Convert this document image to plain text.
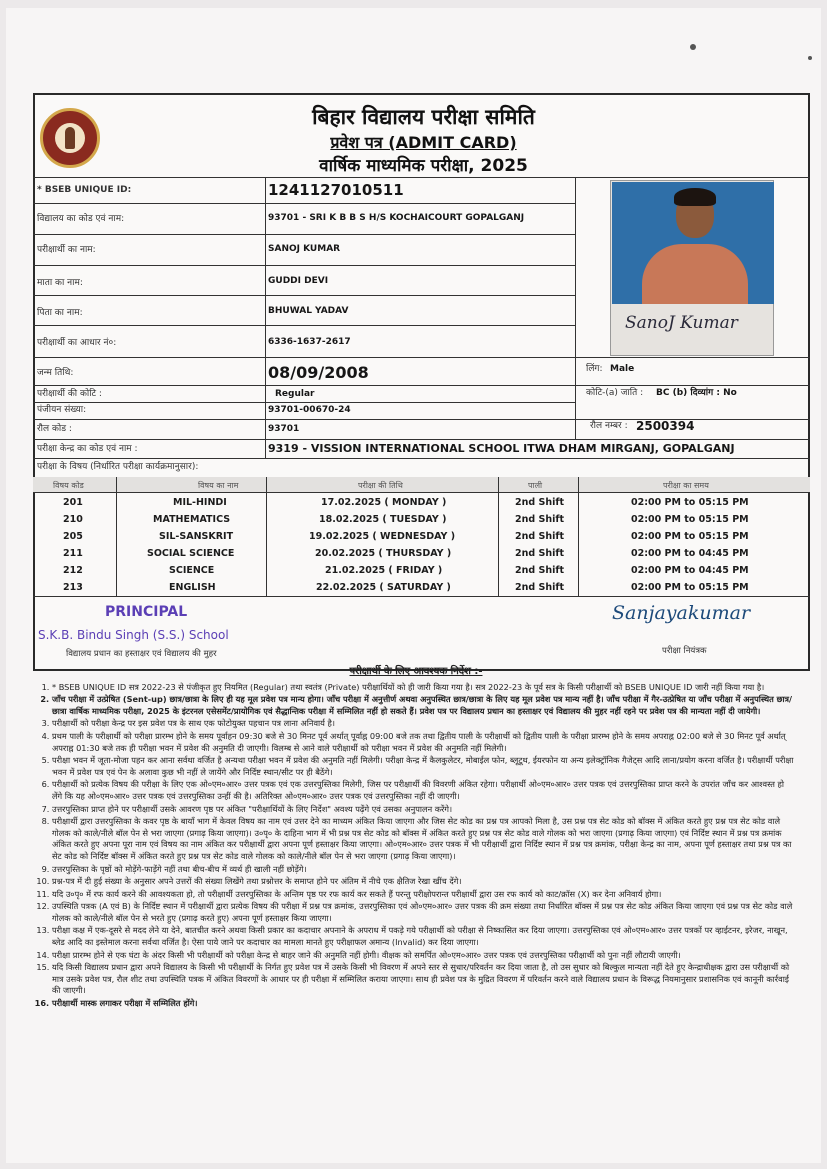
बिहार विद्यालय परीक्षा समिति
प्रवेश पत्र (ADMIT CARD)
वार्षिक माध्यमिक परीक्षा, 2025
* BSEB UNIQUE ID:	1241127010511
विद्यालय का कोड एवं नाम:	93701 - SRI K B B S H/S KOCHAICOURT GOPALGANJ
परीक्षार्थी का नाम:	SANOJ KUMAR
माता का नाम:	GUDDI DEVI
पिता का नाम:	BHUWAL YADAV
परीक्षार्थी का आधार नं०:	6336-1637-2617
जन्म तिथि:	08/09/2008	लिंग: Male
परीक्षार्थी की कोटि :	Regular	कोटि-(a) जाति : BC (b) दिव्यांग : No
पंजीयन संख्या:	93701-00670-24
रौल कोड :	93701	रौल नम्बर : 2500394
परीक्षा केन्द्र का कोड एवं नाम :	9319 - VISSION INTERNATIONAL SCHOOL ITWA DHAM MIRGANJ, GOPALGANJ
परीक्षा के विषय (निर्धारित परीक्षा कार्यक्रमानुसार):
SanoJ Kumar
विषय कोड	विषय का नाम	परीक्षा की तिथि	पाली	परीक्षा का समय
201	MIL-HINDI	17.02.2025 ( MONDAY )	2nd Shift	02:00 PM to 05:15 PM
210	MATHEMATICS	18.02.2025 ( TUESDAY )	2nd Shift	02:00 PM to 05:15 PM
205	SIL-SANSKRIT	19.02.2025 ( WEDNESDAY )	2nd Shift	02:00 PM to 05:15 PM
211	SOCIAL SCIENCE	20.02.2025 ( THURSDAY )	2nd Shift	02:00 PM to 04:45 PM
212	SCIENCE	21.02.2025 ( FRIDAY )	2nd Shift	02:00 PM to 04:45 PM
213	ENGLISH	22.02.2025 ( SATURDAY )	2nd Shift	02:00 PM to 05:15 PM
PRINCIPAL
S.K.B. Bindu Singh (S.S.) School
विद्यालय प्रधान का हस्ताक्षर एवं विद्यालय की मुहर
Sanjayakumar
परीक्षा नियंत्रक
परीक्षार्थी के लिए आवश्यक निर्देश :-
1. * BSEB UNIQUE ID सत्र 2022-23 से पंजीकृत हुए नियमित (Regular) तथा स्वतंत्र (Private) परीक्षार्थियों को ही जारी किया गया है। सत्र 2022-23 के पूर्व सत्र के किसी परीक्षार्थी को BSEB UNIQUE ID जारी नहीं किया गया है।
2. जाँच परीक्षा में उत्प्रेषित (Sent-up) छात्र/छात्रा के लिए ही यह मूल प्रवेश पत्र मान्य होगा। जाँच परीक्षा में अनुत्तीर्ण अथवा अनुपस्थित छात्र/छात्रा के लिए यह मूल प्रवेश पत्र मान्य नहीं है। जाँच परीक्षा में गैर-उत्प्रेषित या जाँच परीक्षा में अनुपस्थित छात्र/छात्रा वार्षिक माध्यमिक परीक्षा, 2025 के इंटरनल एसेसमेंट/प्रायोगिक एवं सैद्धान्तिक परीक्षा में सम्मिलित नहीं हो सकते हैं। प्रवेश पत्र पर विद्यालय प्रधान का हस्ताक्षर एवं विद्यालय की मुहर नहीं रहने पर प्रवेश पत्र की मान्यता नहीं दी जायेगी।
3. परीक्षार्थी को परीक्षा केन्द्र पर इस प्रवेश पत्र के साथ एक फोटोयुक्त पहचान पत्र लाना अनिवार्य है।
4. प्रथम पाली के परीक्षार्थी को परीक्षा प्रारम्भ होने के समय पूर्वाहन 09:30 बजे से 30 मिनट पूर्व अर्थात् पूर्वाह्न 09:00 बजे तक तथा द्वितीय पाली के परीक्षार्थी को द्वितीय पाली के परीक्षा प्रारम्भ होने के समय अपराह्न 02:00 बजे से 30 मिनट पूर्व अर्थात् अपराह्न 01:30 बजे तक ही परीक्षा भवन में प्रवेश की अनुमति दी जाएगी। विलम्ब से आने वाले परीक्षार्थी को परीक्षा भवन में प्रवेश की अनुमति नहीं मिलेगी।
5. परीक्षा भवन में जूता-मोजा पहन कर आना सर्वथा वर्जित है अन्यथा परीक्षा भवन में प्रवेश की अनुमति नहीं मिलेगी। परीक्षा केन्द्र में कैलकुलेटर, मोबाईल फोन, ब्लूटूथ, ईयरफोन या अन्य इलेक्ट्रॉनिक गैजेट्स आदि लाना/प्रयोग करना वर्जित है। परीक्षार्थी परीक्षा भवन में प्रवेश पत्र एवं पेन के अलावा कुछ भी नहीं ले जायेंगे और निर्दिष्ट स्थान/सीट पर ही बैठेंगे।
6. परीक्षार्थी को प्रत्येक विषय की परीक्षा के लिए एक ओ०एम०आर० उत्तर पत्रक एवं एक उत्तरपुस्तिका मिलेगी, जिस पर परीक्षार्थी की विवरणी अंकित रहेगा। परीक्षार्थी ओ०एम०आर० उत्तर पत्रक एवं उत्तरपुस्तिका प्राप्त करने के उपरांत जाँच कर आश्वस्त हो लेंगे कि यह ओ०एम०आर० उत्तर पत्रक एवं उत्तरपुस्तिका उन्हीं की है। अतिरिक्त ओ०एम०आर० उत्तर पत्रक एवं उत्तरपुस्तिका नहीं दी जाएगी।
7. उत्तरपुस्तिका प्राप्त होने पर परीक्षार्थी उसके आवरण पृष्ठ पर अंकित "परीक्षार्थियों के लिए निर्देश" अवश्य पढ़ेंगे एवं उसका अनुपालन करेंगे।
8. परीक्षार्थी द्वारा उत्तरपुस्तिका के कवर पृष्ठ के बायाँ भाग में केवल विषय का नाम एवं उत्तर देने का माध्यम अंकित किया जाएगा और जिस सेट कोड का प्रश्न पत्र आपको मिला है, उस प्रश्न पत्र सेट कोड को बॉक्स में अंकित करते हुए प्रश्न पत्र सेट कोड वाले गोलक को काले/नीले बॉल पेन से भरा जाएगा (प्रगाढ़ किया जाएगा)। उ०पृ० के दाहिना भाग में भी प्रश्न पत्र सेट कोड को बॉक्स में अंकित करते हुए प्रश्न पत्र सेट कोड वाले गोलक को भरा जाएगा (प्रगाढ़ किया जाएगा) एवं निर्दिष्ट स्थान में प्रश्न पत्र क्रमांक अंकित करते हुए अपना पूरा नाम एवं विषय का नाम अंकित कर परीक्षार्थी द्वारा अपना पूर्ण हस्ताक्षर किया जाएगा। ओ०एम०आर० उत्तर पत्रक में भी परीक्षार्थी द्वारा निर्दिष्ट स्थान में प्रश्न पत्र क्रमांक, परीक्षा केन्द्र का नाम, अपना पूर्ण हस्ताक्षर तथा प्रश्न पत्र का सेट कोड को निर्दिष्ट बॉक्स में अंकित करते हुए प्रश्न पत्र सेट कोड वाले गोलक को काले/नीले बॉल पेन से भरा जाएगा (प्रगाढ़ किया जाएगा)।
9. उत्तरपुस्तिका के पृष्ठों को मोड़ेंगे-फाड़ेंगे नहीं तथा बीच-बीच में व्यर्थ ही खाली नहीं छोड़ेंगे।
10. प्रश्न-पत्र में दी हुई संख्या के अनुसार अपने उत्तरों की संख्या लिखेंगे तथा प्रश्नोत्तर के समाप्त होने पर अंतिम में नीचे एक क्षैतिज रेखा खींच देंगे।
11. यदि उ०पृ० में रफ कार्य करने की आवश्यकता हो, तो परीक्षार्थी उत्तरपुस्तिका के अन्तिम पृष्ठ पर रफ कार्य कर सकते हैं परन्तु परीक्षोपरान्त परीक्षार्थी द्वारा उस रफ कार्य को काट/क्रॉस (X) कर देना अनिवार्य होगा।
12. उपस्थिति पत्रक (A एवं B) के निर्दिष्ट स्थान में परीक्षार्थी द्वारा प्रत्येक विषय की परीक्षा में प्रश्न पत्र क्रमांक, उत्तरपुस्तिका एवं ओ०एम०आर० उत्तर पत्रक की क्रम संख्या तथा निर्धारित बॉक्स में प्रश्न पत्र सेट कोड अंकित किया जाएगा एवं प्रश्न पत्र सेट कोड वाले गोलक को काले/नीले बॉल पेन से भरते हुए (प्रगाढ़ करते हुए) अपना पूर्ण हस्ताक्षर किया जाएगा।
13. परीक्षा कक्ष में एक-दूसरे से मदद लेने या देने, बातचीत करने अथवा किसी प्रकार का कदाचार अपनाने के अपराध में पकड़े गये परीक्षार्थी को परीक्षा से निष्कासित कर दिया जाएगा। उत्तरपुस्तिका एवं ओ०एम०आर० उत्तर पत्रकों पर व्हाईटनर, इरेजर, नाखून, ब्लेड आदि का इस्तेमाल करना सर्वथा वर्जित है। ऐसा पाये जाने पर कदाचार का मामला मानते हुए परीक्षाफल अमान्य (Invalid) कर दिया जाएगा।
14. परीक्षा प्रारम्भ होने से एक घंटा के अंदर किसी भी परीक्षार्थी को परीक्षा केन्द्र से बाहर जाने की अनुमति नहीं होगी। वीक्षक को समर्पित ओ०एम०आर० उत्तर पत्रक एवं उत्तरपुस्तिका परीक्षार्थी को पुनः नहीं लौटायी जाएगी।
15. यदि किसी विद्यालय प्रधान द्वारा अपने विद्यालय के किसी भी परीक्षार्थी के निर्गत हुए प्रवेश पत्र में उसके किसी भी विवरण में अपने स्तर से सुधार/परिवर्तन कर दिया जाता है, तो उस सुधार को बिल्कुल मान्यता नहीं देते हुए केन्द्राधीक्षक द्वारा उस परीक्षार्थी को मात्र उसके प्रवेश पत्र, रौल शीट तथा उपस्थिति पत्रक में अंकित विवरणों के आधार पर ही परीक्षा में सम्मिलित कराया जाएगा। साथ ही प्रवेश पत्र के मुद्रित विवरण में परिवर्तन करने वाले विद्यालय प्रधान के विरूद्ध नियमानुसार प्रशासनिक एवं कानूनी कार्रवाई की जाएगी।
16. परीक्षार्थी मास्क लगाकर परीक्षा में सम्मिलित होंगे।
